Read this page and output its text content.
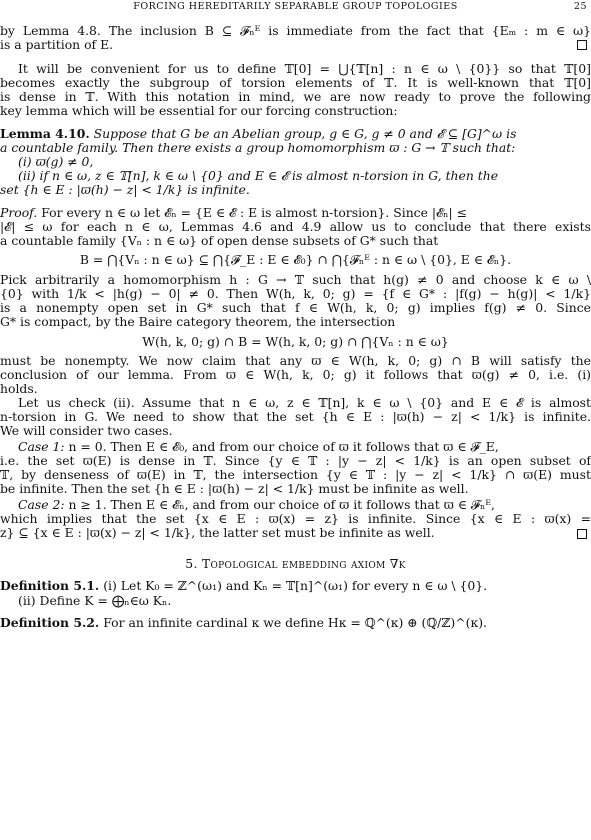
FORCING HEREDITARILY SEPARABLE GROUP TOPOLOGIES	25
by Lemma 4.8. The inclusion B ⊆ 𝓕ₙᴱ is immediate from the fact that {Eₘ : m ∈ ω}
is a partition of E.
It will be convenient for us to define 𝕋[0] = ⋃{𝕋[n] : n ∈ ω \ {0}} so that 𝕋[0]
becomes exactly the subgroup of torsion elements of 𝕋. It is well-known that 𝕋[0]
is dense in 𝕋. With this notation in mind, we are now ready to prove the following
key lemma which will be essential for our forcing construction:
Lemma 4.10. Suppose that G be an Abelian group, g ∈ G, g ≠ 0 and 𝓔 ⊆ [G]^ω is
a countable family. Then there exists a group homomorphism ϖ : G → 𝕋 such that:
(i) ϖ(g) ≠ 0,
(ii) if n ∈ ω, z ∈ 𝕋[n], k ∈ ω \ {0} and E ∈ 𝓔 is almost n-torsion in G, then the
set {h ∈ E : |ϖ(h) − z| < 1/k} is infinite.
Proof. For every n ∈ ω let 𝓔ₙ = {E ∈ 𝓔 : E is almost n-torsion}. Since |𝓔ₙ| ≤
|𝓔| ≤ ω for each n ∈ ω, Lemmas 4.6 and 4.9 allow us to conclude that there exists
a countable family {Vₙ : n ∈ ω} of open dense subsets of G* such that
B = ⋂{Vₙ : n ∈ ω} ⊆ ⋂{𝓕_E : E ∈ 𝓔₀} ∩ ⋂{𝓕ₙᴱ : n ∈ ω \ {0}, E ∈ 𝓔ₙ}.
Pick arbitrarily a homomorphism h : G → 𝕋 such that h(g) ≠ 0 and choose k ∈ ω \
{0} with 1/k < |h(g) − 0| ≠ 0. Then W(h, k, 0; g) = {f ∈ G* : |f(g) − h(g)| < 1/k}
is a nonempty open set in G* such that f ∈ W(h, k, 0; g) implies f(g) ≠ 0. Since
G* is compact, by the Baire category theorem, the intersection
W(h, k, 0; g) ∩ B = W(h, k, 0; g) ∩ ⋂{Vₙ : n ∈ ω}
must be nonempty. We now claim that any ϖ ∈ W(h, k, 0; g) ∩ B will satisfy the
conclusion of our lemma. From ϖ ∈ W(h, k, 0; g) it follows that ϖ(g) ≠ 0, i.e. (i)
holds.
Let us check (ii). Assume that n ∈ ω, z ∈ 𝕋[n], k ∈ ω \ {0} and E ∈ 𝓔 is almost
n-torsion in G. We need to show that the set {h ∈ E : |ϖ(h) − z| < 1/k} is infinite.
We will consider two cases.
Case 1: n = 0. Then E ∈ 𝓔₀, and from our choice of ϖ it follows that ϖ ∈ 𝓕_E,
i.e. the set ϖ(E) is dense in 𝕋. Since {y ∈ 𝕋 : |y − z| < 1/k} is an open subset of
𝕋, by denseness of ϖ(E) in 𝕋, the intersection {y ∈ 𝕋 : |y − z| < 1/k} ∩ ϖ(E) must
be infinite. Then the set {h ∈ E : |ϖ(h) − z| < 1/k} must be infinite as well.
Case 2: n ≥ 1. Then E ∈ 𝓔ₙ, and from our choice of ϖ it follows that ϖ ∈ 𝓕ₙᴱ,
which implies that the set {x ∈ E : ϖ(x) = z} is infinite. Since {x ∈ E : ϖ(x) =
z} ⊆ {x ∈ E : |ϖ(x) − z| < 1/k}, the latter set must be infinite as well.
5. Topological embedding axiom ∇κ
Definition 5.1. (i) Let K₀ = ℤ^(ω₁) and Kₙ = 𝕋[n]^(ω₁) for every n ∈ ω \ {0}.
(ii) Define K = ⨁ₙ∈ω Kₙ.
Definition 5.2. For an infinite cardinal κ we define Hκ = ℚ^(κ) ⊕ (ℚ/ℤ)^(κ).
